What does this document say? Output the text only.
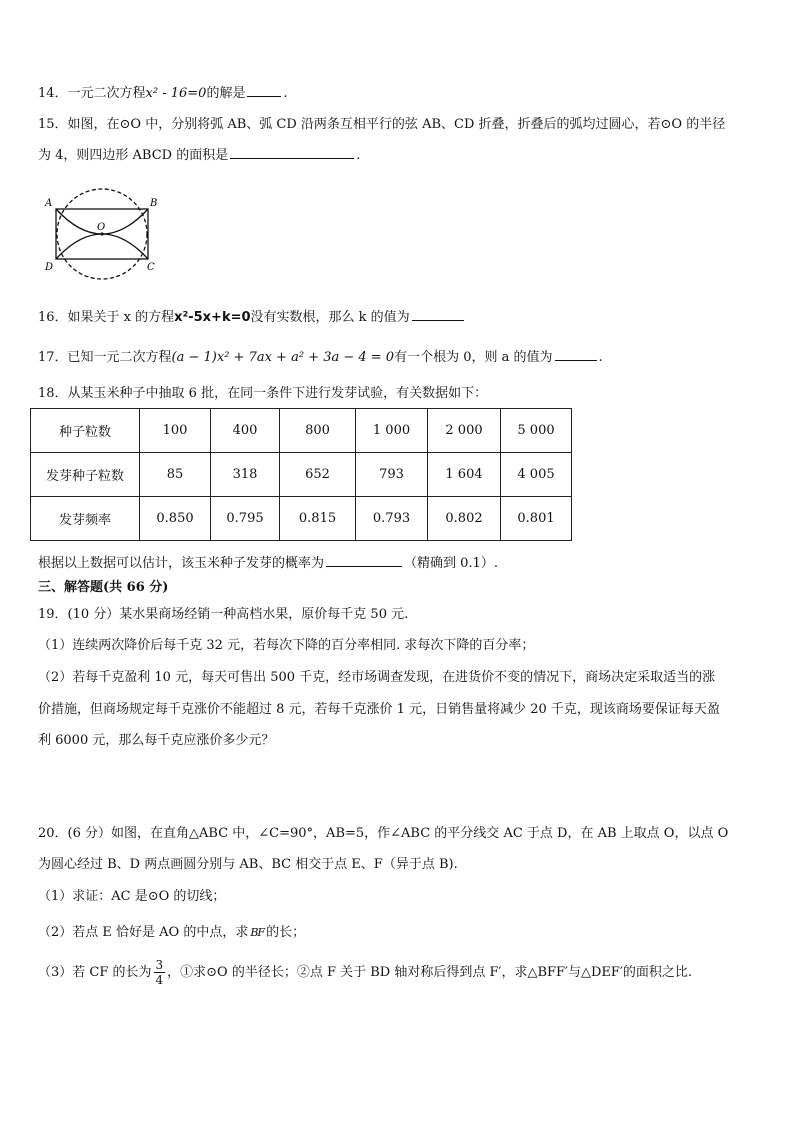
14．一元二次方程x² - 16=0的解是	.
15．如图，在⊙O 中，分别将弧 AB、弧 CD 沿两条互相平行的弦 AB、CD 折叠，折叠后的弧均过圆心，若⊙O 的半径
为 4，则四边形 ABCD 的面积是	.
A	B
C
D
O
16．如果关于 x 的方程x²-5x+k=0没有实数根，那么 k 的值为
17．已知一元二次方程(a − 1)x² + 7ax + a² + 3a − 4 = 0有一个根为 0，则 a 的值为	.
18．从某玉米种子中抽取 6 批，在同一条件下进行发芽试验，有关数据如下：
种子粒数	100	400	800	1 000	2 000	5 000
发芽种子粒数	85	318	652	793	1 604	4 005
发芽频率	0.850	0.795	0.815	0.793	0.802	0.801
根据以上数据可以估计，该玉米种子发芽的概率为	（精确到 0.1）.
三、解答题(共 66 分)
19．(10 分）某水果商场经销一种高档水果，原价每千克 50 元.
（1）连续两次降价后每千克 32 元，若每次下降的百分率相同. 求每次下降的百分率；
（2）若每千克盈利 10 元，每天可售出 500 千克，经市场调查发现，在进货价不变的情况下，商场决定采取适当的涨
价措施，但商场规定每千克涨价不能超过 8 元，若每千克涨价 1 元，日销售量将减少 20 千克，现该商场要保证每天盈
利 6000 元，那么每千克应涨价多少元？
20．(6 分）如图，在直角△ABC 中，∠C=90°，AB=5，作∠ABC 的平分线交 AC 于点 D，在 AB 上取点 O，以点 O
为圆心经过 B、D 两点画圆分别与 AB、BC 相交于点 E、F（异于点 B).
（1）求证：AC 是⊙O 的切线；
（2）若点 E 恰好是 AO 的中点，求 BF 的长；
（3）若 CF 的长为 $\frac{3}{4}$ ，①求⊙O 的半径长；②点 F 关于 BD 轴对称后得到点 F′，求△BFF′与△DEF′的面积之比.
